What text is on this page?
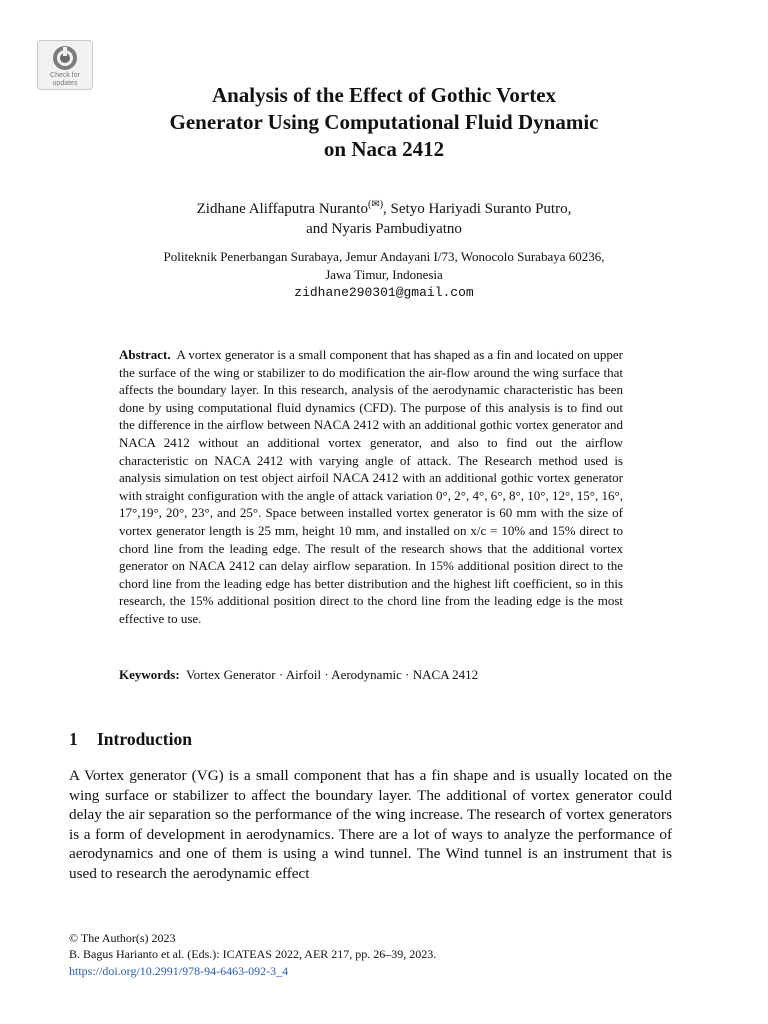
Check for
updates	Analysis of the Effect of Gothic Vortex
Generator Using Computational Fluid Dynamic
on Naca 2412

Zidhane Aliffaputra Nuranto(✉), Setyo Hariyadi Suranto Putro,
and Nyaris Pambudiyatno

Politeknik Penerbangan Surabaya, Jemur Andayani I/73, Wonocolo Surabaya 60236,
Jawa Timur, Indonesia

zidhane290301@gmail.com

Abstract. A vortex generator is a small component that has shaped as a fin and located on upper the surface of the wing or stabilizer to do modification the air-flow around the wing surface that affects the boundary layer. In this research, analysis of the aerodynamic characteristic has been done by using computational fluid dynamics (CFD). The purpose of this analysis is to find out the difference in the airflow between NACA 2412 with an additional gothic vortex generator and NACA 2412 without an additional vortex generator, and also to find out the airflow characteristic on NACA 2412 with varying angle of attack. The Research method used is analysis simulation on test object airfoil NACA 2412 with an additional gothic vortex generator with straight configuration with the angle of attack variation 0°, 2°, 4°, 6°, 8°, 10°, 12°, 15°, 16°, 17°,19°, 20°, 23°, and 25°. Space between installed vortex generator is 60 mm with the size of vortex generator length is 25 mm, height 10 mm, and installed on x/c = 10% and 15% direct to chord line from the leading edge. The result of the research shows that the additional vortex generator on NACA 2412 can delay airflow separation. In 15% additional position direct to the chord line from the leading edge has better distribution and the highest lift coefficient, so in this research, the 15% additional position direct to the chord line from the leading edge is the most effective to use.

Keywords: Vortex Generator · Airfoil · Aerodynamic · NACA 2412

1 Introduction

A Vortex generator (VG) is a small component that has a fin shape and is usually located on the wing surface or stabilizer to affect the boundary layer. The additional of vortex generator could delay the air separation so the performance of the wing increase. The research of vortex generators is a form of development in aerodynamics. There are a lot of ways to analyze the performance of aerodynamics and one of them is using a wind tunnel. The Wind tunnel is an instrument that is used to research the aerodynamic effect

© The Author(s) 2023
B. Bagus Harianto et al. (Eds.): ICATEAS 2022, AER 217, pp. 26–39, 2023.
https://doi.org/10.2991/978-94-6463-092-3_4
